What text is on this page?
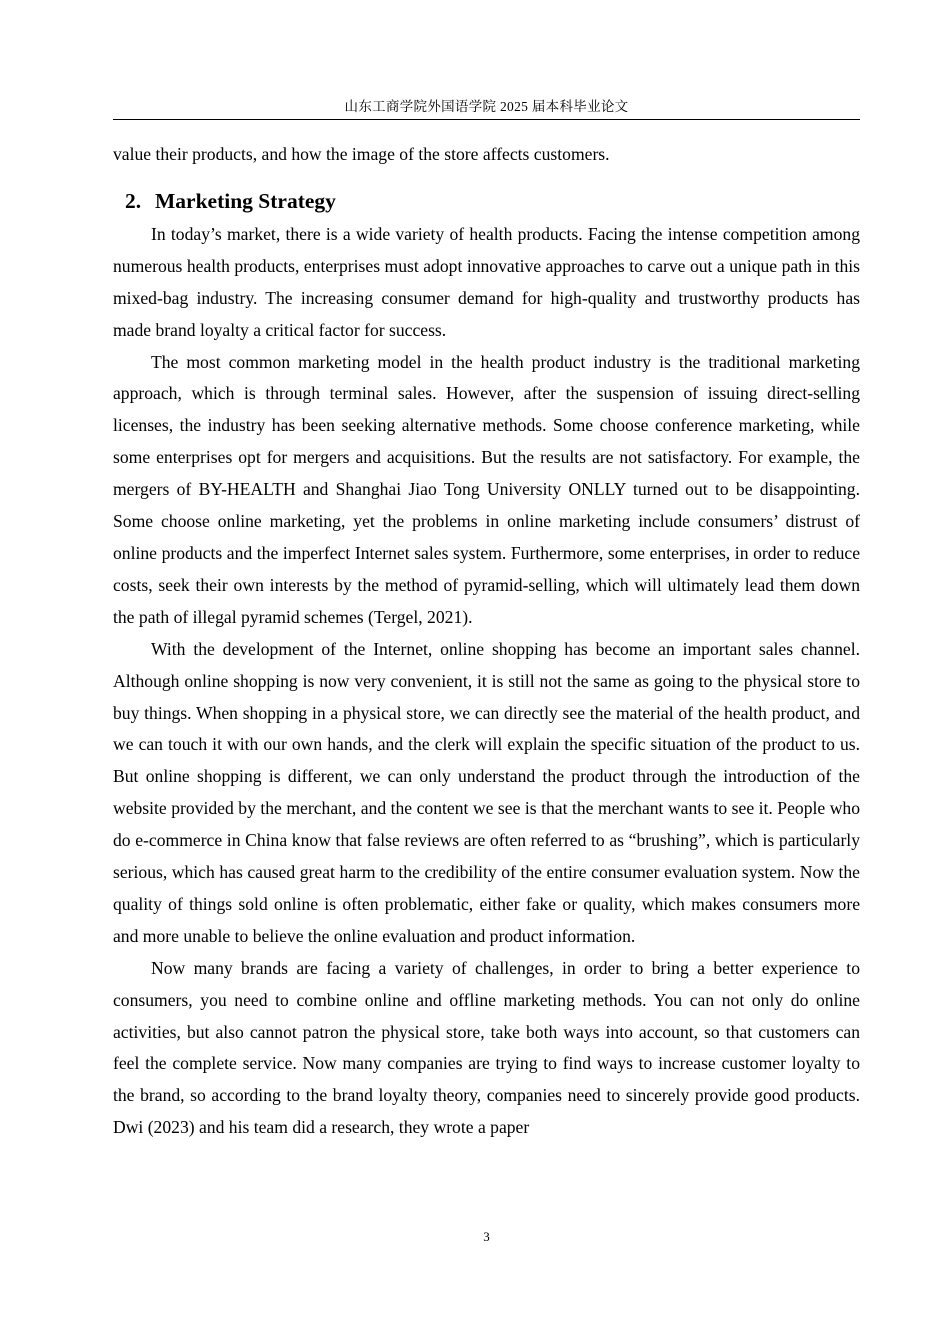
山东工商学院外国语学院 2025 届本科毕业论文

value their products, and how the image of the store affects customers.

2. Marketing Strategy

In today’s market, there is a wide variety of health products. Facing the intense competition among numerous health products, enterprises must adopt innovative approaches to carve out a unique path in this mixed-bag industry. The increasing consumer demand for high-quality and trustworthy products has made brand loyalty a critical factor for success.

The most common marketing model in the health product industry is the traditional marketing approach, which is through terminal sales. However, after the suspension of issuing direct-selling licenses, the industry has been seeking alternative methods. Some choose conference marketing, while some enterprises opt for mergers and acquisitions. But the results are not satisfactory. For example, the mergers of BY-HEALTH and Shanghai Jiao Tong University ONLLY turned out to be disappointing. Some choose online marketing, yet the problems in online marketing include consumers’ distrust of online products and the imperfect Internet sales system. Furthermore, some enterprises, in order to reduce costs, seek their own interests by the method of pyramid-selling, which will ultimately lead them down the path of illegal pyramid schemes (Tergel, 2021).

With the development of the Internet, online shopping has become an important sales channel. Although online shopping is now very convenient, it is still not the same as going to the physical store to buy things. When shopping in a physical store, we can directly see the material of the health product, and we can touch it with our own hands, and the clerk will explain the specific situation of the product to us. But online shopping is different, we can only understand the product through the introduction of the website provided by the merchant, and the content we see is that the merchant wants to see it. People who do e-commerce in China know that false reviews are often referred to as “brushing”, which is particularly serious, which has caused great harm to the credibility of the entire consumer evaluation system. Now the quality of things sold online is often problematic, either fake or quality, which makes consumers more and more unable to believe the online evaluation and product information.

Now many brands are facing a variety of challenges, in order to bring a better experience to consumers, you need to combine online and offline marketing methods. You can not only do online activities, but also cannot patron the physical store, take both ways into account, so that customers can feel the complete service. Now many companies are trying to find ways to increase customer loyalty to the brand, so according to the brand loyalty theory, companies need to sincerely provide good products. Dwi (2023) and his team did a research, they wrote a paper

3
